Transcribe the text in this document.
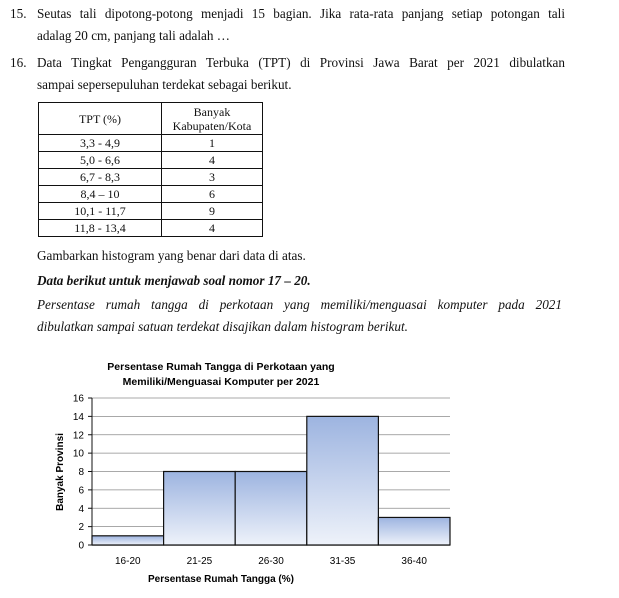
15. Seutas tali dipotong-potong menjadi 15 bagian. Jika rata-rata panjang setiap potongan tali
adalag 20 cm, panjang tali adalah …
16. Data Tingkat Pengangguran Terbuka (TPT) di Provinsi Jawa Barat per 2021 dibulatkan
sampai sepersepuluhan terdekat sebagai berikut.
TPT (%)	Banyak
Kabupaten/Kota
3,3 - 4,9	1
5,0 - 6,6	4
6,7 - 8,3	3
8,4 – 10	6
10,1 - 11,7	9
11,8 - 13,4	4
Gambarkan histogram yang benar dari data di atas.
Data berikut untuk menjawab soal nomor 17 – 20.
Persentase rumah tangga di perkotaan yang memiliki/menguasai komputer pada 2021
dibulatkan sampai satuan terdekat disajikan dalam histogram berikut.
Persentase Rumah Tangga di Perkotaan yang
Memiliki/Menguasai Komputer per 2021
0
2
4
6
8
10
12
14
16
16-20	21-25	26-30	31-35	36-40
Persentase Rumah Tangga (%)
Banyak Provinsi
